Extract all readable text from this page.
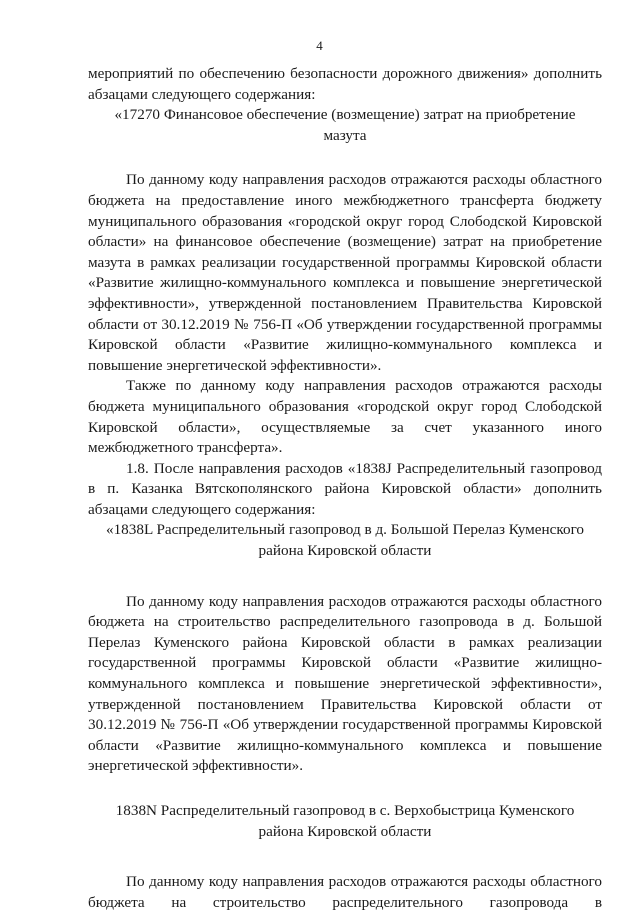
4

мероприятий по обеспечению безопасности дорожного движения» дополнить абзацами следующего содержания:

«17270 Финансовое обеспечение (возмещение) затрат на приобретение мазута

По данному коду направления расходов отражаются расходы областного бюджета на предоставление иного межбюджетного трансферта бюджету муниципального образования «городской округ город Слободской Кировской области» на финансовое обеспечение (возмещение) затрат на приобретение мазута в рамках реализации государственной программы Кировской области «Развитие жилищно-коммунального комплекса и повышение энергетической эффективности», утвержденной постановлением Правительства Кировской области от 30.12.2019 № 756-П «Об утверждении государственной программы Кировской области «Развитие жилищно-коммунального комплекса и повышение энергетической эффективности».

Также по данному коду направления расходов отражаются расходы бюджета муниципального образования «городской округ город Слободской Кировской области», осуществляемые за счет указанного иного межбюджетного трансферта».

1.8. После направления расходов «1838J Распределительный газопровод в п. Казанка Вятскополянского района Кировской области» дополнить абзацами следующего содержания:

«1838L Распределительный газопровод в д. Большой Перелаз Куменского района Кировской области

По данному коду направления расходов отражаются расходы областного бюджета на строительство распределительного газопровода в д. Большой Перелаз Куменского района Кировской области в рамках реализации государственной программы Кировской области «Развитие жилищно-коммунального комплекса и повышение энергетической эффективности», утвержденной постановлением Правительства Кировской области от 30.12.2019 № 756-П «Об утверждении государственной программы Кировской области «Развитие жилищно-коммунального комплекса и повышение энергетической эффективности».

1838N Распределительный газопровод в с. Верхобыстрица Куменского района Кировской области

По данному коду направления расходов отражаются расходы областного бюджета на строительство распределительного газопровода в
